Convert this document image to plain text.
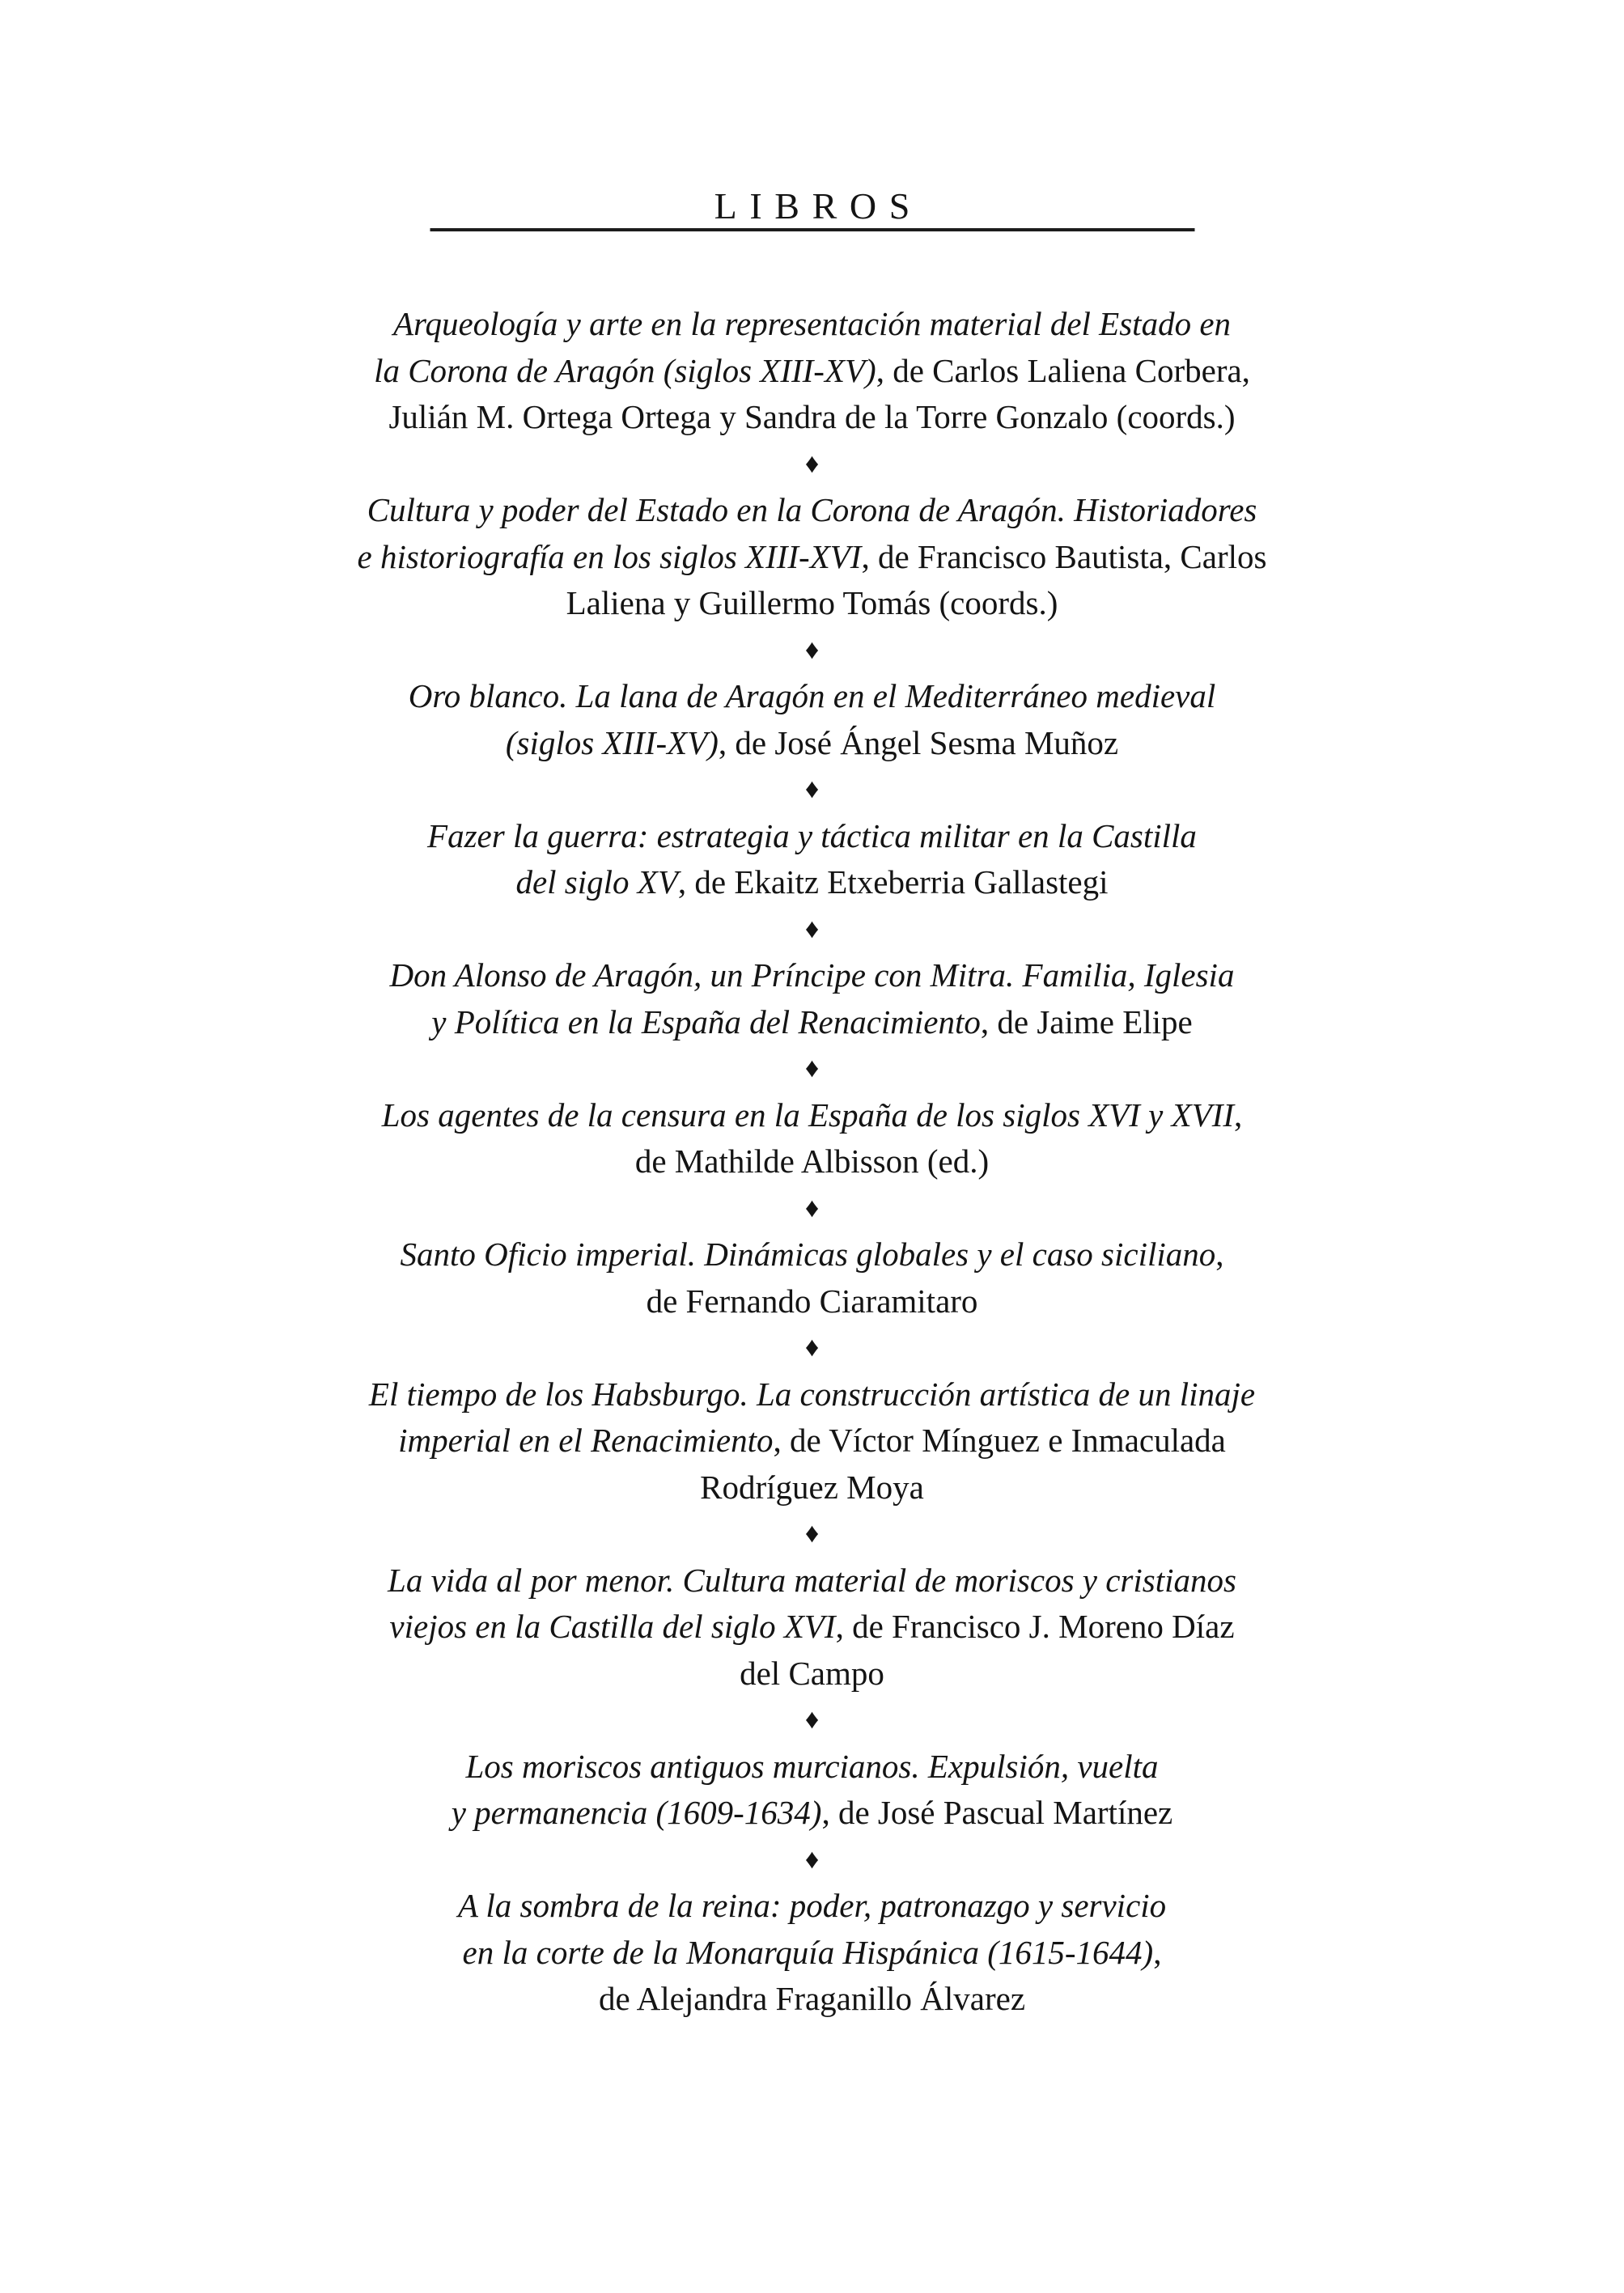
LIBROS
Arqueología y arte en la representación material del Estado en
la Corona de Aragón (siglos XIII-XV), de Carlos Laliena Corbera,
Julián M. Ortega Ortega y Sandra de la Torre Gonzalo (coords.)
♦
Cultura y poder del Estado en la Corona de Aragón. Historiadores
e historiografía en los siglos XIII-XVI, de Francisco Bautista, Carlos
Laliena y Guillermo Tomás (coords.)
♦
Oro blanco. La lana de Aragón en el Mediterráneo medieval
(siglos XIII-XV), de José Ángel Sesma Muñoz
♦
Fazer la guerra: estrategia y táctica militar en la Castilla
del siglo XV, de Ekaitz Etxeberria Gallastegi
♦
Don Alonso de Aragón, un Príncipe con Mitra. Familia, Iglesia
y Política en la España del Renacimiento, de Jaime Elipe
♦
Los agentes de la censura en la España de los siglos XVI y XVII,
de Mathilde Albisson (ed.)
♦
Santo Oficio imperial. Dinámicas globales y el caso siciliano,
de Fernando Ciaramitaro
♦
El tiempo de los Habsburgo. La construcción artística de un linaje
imperial en el Renacimiento, de Víctor Mínguez e Inmaculada
Rodríguez Moya
♦
La vida al por menor. Cultura material de moriscos y cristianos
viejos en la Castilla del siglo XVI, de Francisco J. Moreno Díaz
del Campo
♦
Los moriscos antiguos murcianos. Expulsión, vuelta
y permanencia (1609-1634), de José Pascual Martínez
♦
A la sombra de la reina: poder, patronazgo y servicio
en la corte de la Monarquía Hispánica (1615-1644),
de Alejandra Fraganillo Álvarez
